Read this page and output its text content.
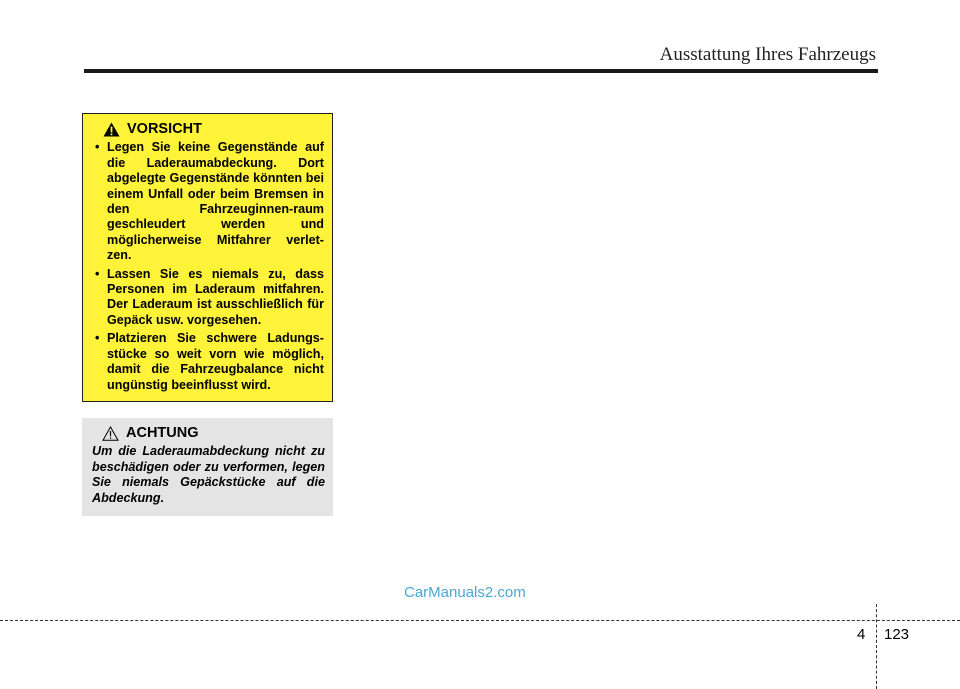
Ausstattung Ihres Fahrzeugs
VORSICHT
• Legen Sie keine Gegenstände auf die Laderaumabdeckung. Dort abgelegte Gegenstände könnten bei einem Unfall oder beim Bremsen in den Fahrzeuginnen-raum geschleudert werden und möglicherweise Mitfahrer verlet-zen.
• Lassen Sie es niemals zu, dass Personen im Laderaum mitfahren. Der Laderaum ist ausschließlich für Gepäck usw. vorgesehen.
• Platzieren Sie schwere Ladungs-stücke so weit vorn wie möglich, damit die Fahrzeugbalance nicht ungünstig beeinflusst wird.
ACHTUNG
Um die Laderaumabdeckung nicht zu beschädigen oder zu verformen, legen Sie niemals Gepäckstücke auf die Abdeckung.
CarManuals2.com
4 123
